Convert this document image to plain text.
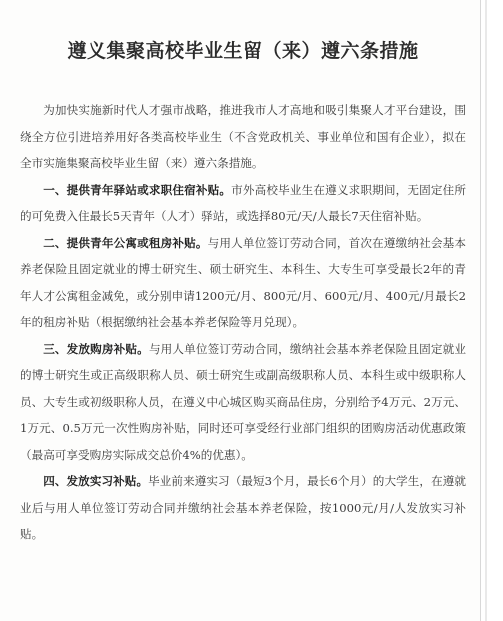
遵义集聚高校毕业生留（来）遵六条措施

为加快实施新时代人才强市战略，推进我市人才高地和吸引集聚人才平台建设，围绕全方位引进培养用好各类高校毕业生（不含党政机关、事业单位和国有企业），拟在全市实施集聚高校毕业生留（来）遵六条措施。

一、提供青年驿站或求职住宿补贴。市外高校毕业生在遵义求职期间，无固定住所的可免费入住最长5天青年（人才）驿站，或选择80元/天/人最长7天住宿补贴。

二、提供青年公寓或租房补贴。与用人单位签订劳动合同，首次在遵缴纳社会基本养老保险且固定就业的博士研究生、硕士研究生、本科生、大专生可享受最长2年的青年人才公寓租金减免，或分别申请1200元/月、800元/月、600元/月、400元/月最长2年的租房补贴（根据缴纳社会基本养老保险等月兑现）。

三、发放购房补贴。与用人单位签订劳动合同，缴纳社会基本养老保险且固定就业的博士研究生或正高级职称人员、硕士研究生或副高级职称人员、本科生或中级职称人员、大专生或初级职称人员，在遵义中心城区购买商品住房，分别给予4万元、2万元、1万元、0.5万元一次性购房补贴，同时还可享受经行业部门组织的团购房活动优惠政策（最高可享受购房实际成交总价4%的优惠）。

四、发放实习补贴。毕业前来遵实习（最短3个月，最长6个月）的大学生，在遵就业后与用人单位签订劳动合同并缴纳社会基本养老保险，按1000元/月/人发放实习补贴。
